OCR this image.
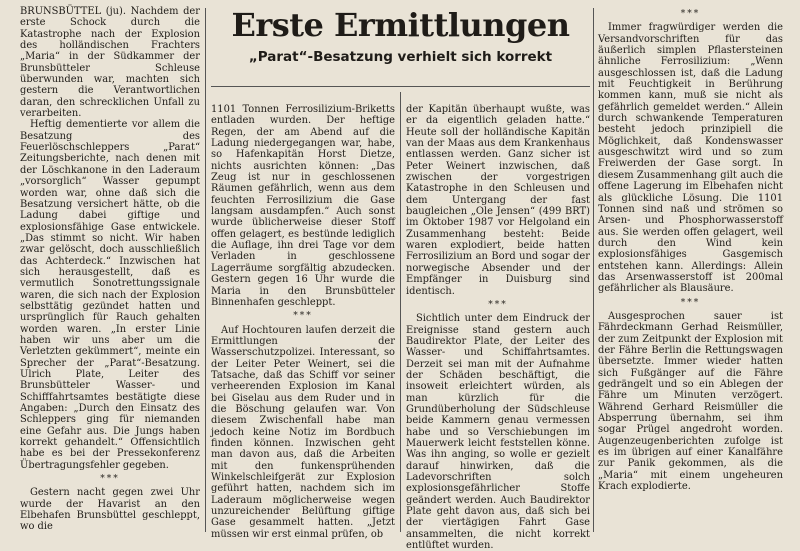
BRUNSBÜTTEL (ju). Nachdem der erste Schock durch die Katastrophe nach der Explosion des holländischen Frachters „Maria“ in der Südkammer der Brunsbütteler Schleuse überwunden war, machten sich gestern die Verantwortlichen daran, den schrecklichen Unfall zu verarbeiten.

Heftig dementierte vor allem die Besatzung des Feuerlöschschleppers „Parat“ Zeitungsberichte, nach denen mit der Löschkanone in den Laderaum „vorsorglich“ Wasser gepumpt worden war, ohne daß sich die Besatzung versichert hätte, ob die Ladung dabei giftige und explosionsfähige Gase entwickele. „Das stimmt so nicht. Wir haben zwar gelöscht, doch ausschließlich das Achterdeck.“ Inzwischen hat sich herausgestellt, daß es vermutlich Sonotrettungssignale waren, die sich nach der Explosion selbsttätig gezündet hatten und ursprünglich für Rauch gehalten worden waren. „In erster Linie haben wir uns aber um die Verletzten gekümmert“, meinte ein Sprecher der „Parat“-Besatzung. Ulrich Plate, Leiter des Brunsbütteler Wasser- und Schifffahrtsamtes bestätigte diese Angaben: „Durch den Einsatz des Schleppers ging für niemanden eine Gefahr aus. Die Jungs haben korrekt gehandelt.“ Offensichtlich habe es bei der Pressekonferenz Übertragungsfehler gegeben.

***

Gestern nacht gegen zwei Uhr wurde der Havarist an den Elbehafen Brunsbüttel geschleppt, wo die

Erste Ermittlungen
„Parat“-Besatzung verhielt sich korrekt

1101 Tonnen Ferrosilizium-Briketts entladen wurden. Der heftige Regen, der am Abend auf die Ladung niedergegangen war, habe, so Hafenkapitän Horst Dietze, nichts ausrichten können: „Das Zeug ist nur in geschlossenen Räumen gefährlich, wenn aus dem feuchten Ferrosilizium die Gase langsam ausdampfen.“ Auch sonst wurde üblicherweise dieser Stoff offen gelagert, es bestünde lediglich die Auflage, ihn drei Tage vor dem Verladen in geschlossene Lagerräume sorgfältig abzudecken. Gestern gegen 16 Uhr wurde die Maria in den Brunsbütteler Binnenhafen geschleppt.

***

Auf Hochtouren laufen derzeit die Ermittlungen der Wasserschutzpolizei. Interessant, so der Leiter Peter Weinert, sei die Tatsache, daß das Schiff vor seiner verheerenden Explosion im Kanal bei Giselau aus dem Ruder und in die Böschung gelaufen war. Von diesem Zwischenfall habe man jedoch keine Notiz im Bordbuch finden können. Inzwischen geht man davon aus, daß die Arbeiten mit den funkensprühenden Winkelschleifgerät zur Explosion geführt hatten, nachdem sich im Laderaum möglicherweise wegen unzureichender Belüftung giftige Gase gesammelt hatten. „Jetzt müssen wir erst einmal prüfen, ob

der Kapitän überhaupt wußte, was er da eigentlich geladen hatte.“ Heute soll der holländische Kapitän van der Maas aus dem Krankenhaus entlassen werden. Ganz sicher ist Peter Weinert inzwischen, daß zwischen der vorgestrigen Katastrophe in den Schleusen und dem Untergang der fast baugleichen „Ole Jensen“ (499 BRT) im Oktober 1987 vor Helgoland ein Zusammenhang besteht: Beide waren explodiert, beide hatten Ferrosilizium an Bord und sogar der norwegische Absender und der Empfänger in Duisburg sind identisch.

***

Sichtlich unter dem Eindruck der Ereignisse stand gestern auch Baudirektor Plate, der Leiter des Wasser- und Schiffahrtsamtes. Derzeit sei man mit der Aufnahme der Schäden beschäftigt, die insoweit erleichtert würden, als man kürzlich für die Grundüberholung der Südschleuse beide Kammern genau vermessen habe und so Verschiebungen im Mauerwerk leicht feststellen könne. Was ihn anging, so wolle er gezielt darauf hinwirken, daß die Ladevorschriften solch explosionsgefährlicher Stoffe geändert werden. Auch Baudirektor Plate geht davon aus, daß sich bei der viertägigen Fahrt Gase ansammelten, die nicht korrekt entlüftet wurden.

***

Immer fragwürdiger werden die Versandvorschriften für das äußerlich simplen Pflastersteinen ähnliche Ferrosilizium: „Wenn ausgeschlossen ist, daß die Ladung mit Feuchtigkeit in Berührung kommen kann, muß sie nicht als gefährlich gemeldet werden.“ Allein durch schwankende Temperaturen besteht jedoch prinzipiell die Möglichkeit, daß Kondenswasser ausgeschwitzt wird und so zum Freiwerden der Gase sorgt. In diesem Zusammenhang gilt auch die offene Lagerung im Elbehafen nicht als glückliche Lösung. Die 1101 Tonnen sind naß und strömen so Arsen- und Phosphorwasserstoff aus. Sie werden offen gelagert, weil durch den Wind kein explosionsfähiges Gasgemisch entstehen kann. Allerdings: Allein das Arsenwasserstoff ist 200mal gefährlicher als Blausäure.

***

Ausgesprochen sauer ist Fährdeckmann Gerhad Reismüller, der zum Zeitpunkt der Explosion mit der Fähre Berlin die Rettungswagen übersetzte. Immer wieder hatten sich Fußgänger auf die Fähre gedrängelt und so ein Ablegen der Fähre um Minuten verzögert. Während Gerhard Reismüller die Absperrung übernahm, sei ihm sogar Prügel angedroht worden. Augenzeugenberichten zufolge ist es im übrigen auf einer Kanalfähre zur Panik gekommen, als die „Maria“ mit einem ungeheuren Krach explodierte.
